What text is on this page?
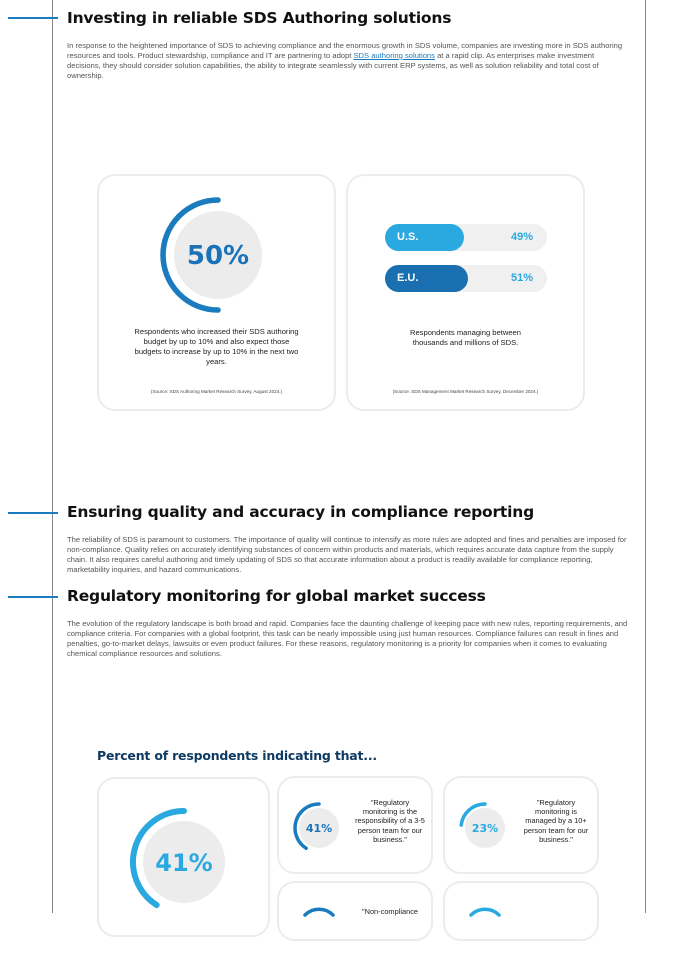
Investing in reliable SDS Authoring solutions

In response to the heightened importance of SDS to achieving compliance and the enormous growth in SDS volume, companies are investing more in SDS authoring resources and tools. Product stewardship, compliance and IT are partnering to adopt SDS authoring solutions at a rapid clip. As enterprises make investment decisions, they should consider solution capabilities, the ability to integrate seamlessly with current ERP systems, as well as solution reliability and total cost of ownership.

50%
Respondents who increased their SDS authoring budget by up to 10% and also expect those budgets to increase by up to 10% in the next two years.
(Source: SDS Authoring Market Research Survey, August 2024.)
U.S.	49%
E.U.	51%
Respondents managing between thousands and millions of SDS.
(Source: SDS Management Market Research Survey, December 2024.)
Ensuring quality and accuracy in compliance reporting

The reliability of SDS is paramount to customers. The importance of quality will continue to intensify as more rules are adopted and fines and penalties are imposed for non-compliance. Quality relies on accurately identifying substances of concern within products and materials, which requires accurate data capture from the supply chain. It also requires careful authoring and timely updating of SDS so that accurate information about a product is readily available for compliance reporting, marketability inquiries, and hazard communications.

Regulatory monitoring for global market success

The evolution of the regulatory landscape is both broad and rapid. Companies face the daunting challenge of keeping pace with new rules, reporting requirements, and compliance criteria. For companies with a global footprint, this task can be nearly impossible using just human resources. Compliance failures can result in fines and penalties, go-to-market delays, lawsuits or even product failures. For these reasons, regulatory monitoring is a priority for companies when it comes to evaluating chemical compliance resources and solutions.

Percent of respondents indicating that...
41%
41%
"Regulatory monitoring is the responsibility of a 3-5 person team for our business."
23%
"Regulatory monitoring is managed by a 10+ person team for our business."
"Non-compliance
